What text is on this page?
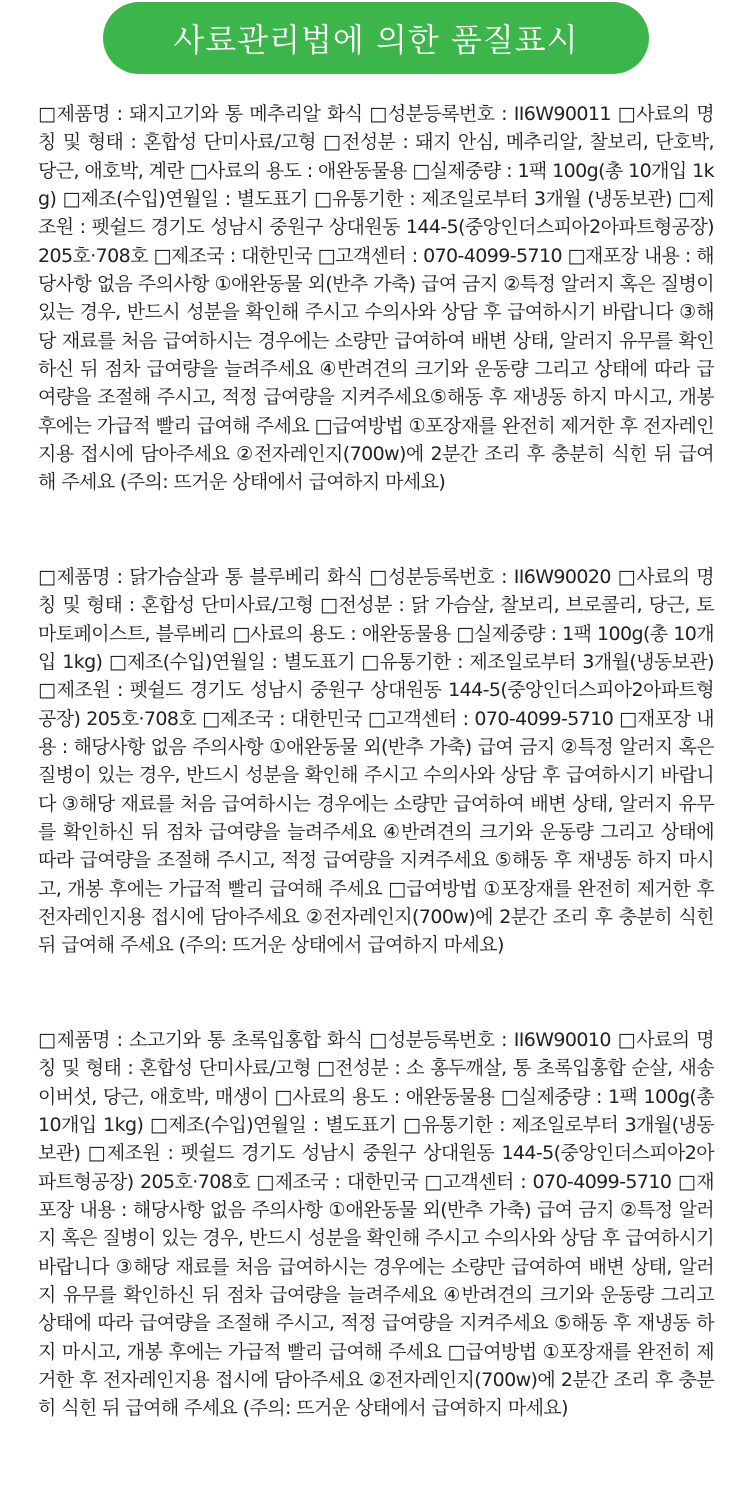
사료관리법에 의한 품질표시

□제품명 : 돼지고기와 통 메추리알 화식 □성분등록번호 : II6W90011 □사료의 명칭 및 형태 : 혼합성 단미사료/고형 □전성분 : 돼지 안심, 메추리알, 찰보리, 단호박, 당근, 애호박, 계란 □사료의 용도 : 애완동물용 □실제중량 : 1팩 100g(총 10개입 1kg) □제조(수입)연월일 : 별도표기 □유통기한 : 제조일로부터 3개월 (냉동보관) □제조원 : 펫쉴드 경기도 성남시 중원구 상대원동 144-5(중앙인더스피아2아파트형공장) 205호·708호 □제조국 : 대한민국 □고객센터 : 070-4099-5710 □재포장 내용 : 해당사항 없음 주의사항 ①애완동물 외(반추 가축) 급여 금지 ②특정 알러지 혹은 질병이 있는 경우, 반드시 성분을 확인해 주시고 수의사와 상담 후 급여하시기 바랍니다 ③해당 재료를 처음 급여하시는 경우에는 소량만 급여하여 배변 상태, 알러지 유무를 확인하신 뒤 점차 급여량을 늘려주세요 ④반려견의 크기와 운동량 그리고 상태에 따라 급여량을 조절해 주시고, 적정 급여량을 지켜주세요⑤해동 후 재냉동 하지 마시고, 개봉 후에는 가급적 빨리 급여해 주세요 □급여방법 ①포장재를 완전히 제거한 후 전자레인지용 접시에 담아주세요 ②전자레인지(700w)에 2분간 조리 후 충분히 식힌 뒤 급여해 주세요 (주의: 뜨거운 상태에서 급여하지 마세요)

□제품명 : 닭가슴살과 통 블루베리 화식 □성분등록번호 : II6W90020 □사료의 명칭 및 형태 : 혼합성 단미사료/고형 □전성분 : 닭 가슴살, 찰보리, 브로콜리, 당근, 토마토페이스트, 블루베리 □사료의 용도 : 애완동물용 □실제중량 : 1팩 100g(총 10개입 1kg) □제조(수입)연월일 : 별도표기 □유통기한 : 제조일로부터 3개월(냉동보관) □제조원 : 펫쉴드 경기도 성남시 중원구 상대원동 144-5(중앙인더스피아2아파트형공장) 205호·708호 □제조국 : 대한민국 □고객센터 : 070-4099-5710 □재포장 내용 : 해당사항 없음 주의사항 ①애완동물 외(반추 가축) 급여 금지 ②특정 알러지 혹은 질병이 있는 경우, 반드시 성분을 확인해 주시고 수의사와 상담 후 급여하시기 바랍니다 ③해당 재료를 처음 급여하시는 경우에는 소량만 급여하여 배변 상태, 알러지 유무를 확인하신 뒤 점차 급여량을 늘려주세요 ④반려견의 크기와 운동량 그리고 상태에 따라 급여량을 조절해 주시고, 적정 급여량을 지켜주세요 ⑤해동 후 재냉동 하지 마시고, 개봉 후에는 가급적 빨리 급여해 주세요 □급여방법 ①포장재를 완전히 제거한 후 전자레인지용 접시에 담아주세요 ②전자레인지(700w)에 2분간 조리 후 충분히 식힌 뒤 급여해 주세요 (주의: 뜨거운 상태에서 급여하지 마세요)

□제품명 : 소고기와 통 초록입홍합 화식 □성분등록번호 : II6W90010 □사료의 명칭 및 형태 : 혼합성 단미사료/고형 □전성분 : 소 홍두깨살, 통 초록입홍합 순살, 새송이버섯, 당근, 애호박, 매생이 □사료의 용도 : 애완동물용 □실제중량 : 1팩 100g(총 10개입 1kg) □제조(수입)연월일 : 별도표기 □유통기한 : 제조일로부터 3개월(냉동보관) □제조원 : 펫쉴드 경기도 성남시 중원구 상대원동 144-5(중앙인더스피아2아파트형공장) 205호·708호 □제조국 : 대한민국 □고객센터 : 070-4099-5710 □재포장 내용 : 해당사항 없음 주의사항 ①애완동물 외(반추 가축) 급여 금지 ②특정 알러지 혹은 질병이 있는 경우, 반드시 성분을 확인해 주시고 수의사와 상담 후 급여하시기 바랍니다 ③해당 재료를 처음 급여하시는 경우에는 소량만 급여하여 배변 상태, 알러지 유무를 확인하신 뒤 점차 급여량을 늘려주세요 ④반려견의 크기와 운동량 그리고 상태에 따라 급여량을 조절해 주시고, 적정 급여량을 지켜주세요 ⑤해동 후 재냉동 하지 마시고, 개봉 후에는 가급적 빨리 급여해 주세요 □급여방법 ①포장재를 완전히 제거한 후 전자레인지용 접시에 담아주세요 ②전자레인지(700w)에 2분간 조리 후 충분히 식힌 뒤 급여해 주세요 (주의: 뜨거운 상태에서 급여하지 마세요)
